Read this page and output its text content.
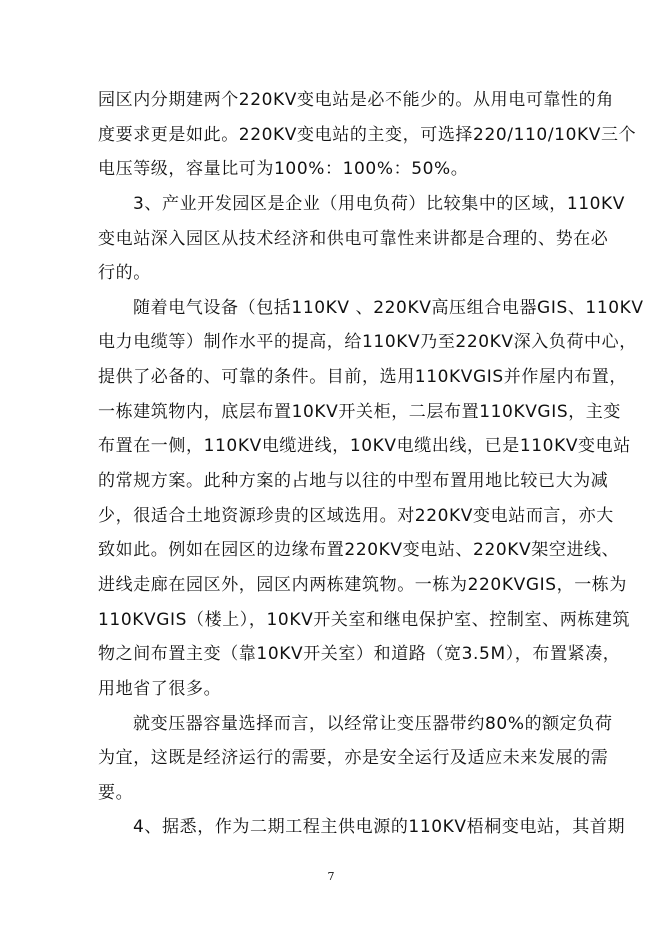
园区内分期建两个220KV变电站是必不能少的。从用电可靠性的角
度要求更是如此。220KV变电站的主变，可选择220/110/10KV三个
电压等级，容量比可为100%：100%：50%。
3、产业开发园区是企业（用电负荷）比较集中的区域，110KV
变电站深入园区从技术经济和供电可靠性来讲都是合理的、势在必
行的。
随着电气设备（包括110KV 、220KV高压组合电器GIS、110KV
电力电缆等）制作水平的提高，给110KV乃至220KV深入负荷中心，
提供了必备的、可靠的条件。目前，选用110KVGIS并作屋内布置，
一栋建筑物内，底层布置10KV开关柜，二层布置110KVGIS，主变
布置在一侧，110KV电缆进线，10KV电缆出线，已是110KV变电站
的常规方案。此种方案的占地与以往的中型布置用地比较已大为减
少，很适合土地资源珍贵的区域选用。对220KV变电站而言，亦大
致如此。例如在园区的边缘布置220KV变电站、220KV架空进线、
进线走廊在园区外，园区内两栋建筑物。一栋为220KVGIS，一栋为
110KVGIS（楼上），10KV开关室和继电保护室、控制室、两栋建筑
物之间布置主变（靠10KV开关室）和道路（宽3.5M），布置紧凑，
用地省了很多。
就变压器容量选择而言，以经常让变压器带约80%的额定负荷
为宜，这既是经济运行的需要，亦是安全运行及适应未来发展的需
要。
4、据悉，作为二期工程主供电源的110KV梧桐变电站，其首期
7
